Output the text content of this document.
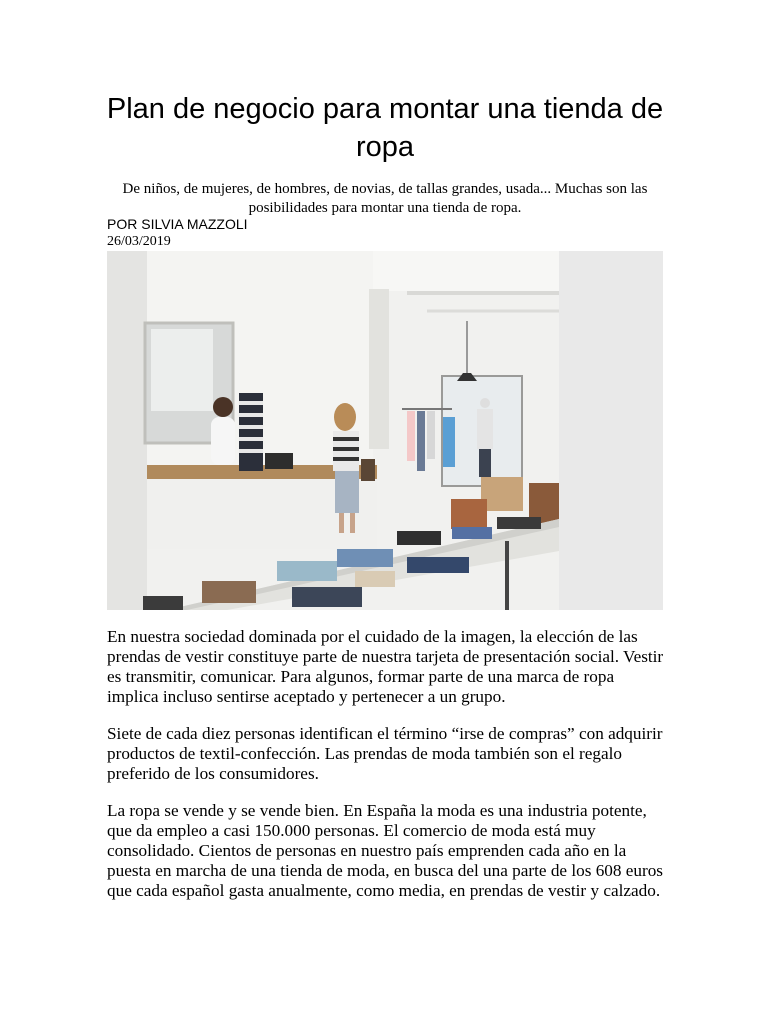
Plan de negocio para montar una tienda de ropa

De niños, de mujeres, de hombres, de novias, de tallas grandes, usada... Muchas son las posibilidades para montar una tienda de ropa.

POR SILVIA MAZZOLI
26/03/2019

En nuestra sociedad dominada por el cuidado de la imagen, la elección de las prendas de vestir constituye parte de nuestra tarjeta de presentación social. Vestir es transmitir, comunicar. Para algunos, formar parte de una marca de ropa implica incluso sentirse aceptado y pertenecer a un grupo.

Siete de cada diez personas identifican el término “irse de compras” con adquirir productos de textil-confección. Las prendas de moda también son el regalo preferido de los consumidores.

La ropa se vende y se vende bien. En España la moda es una industria potente, que da empleo a casi 150.000 personas. El comercio de moda está muy consolidado. Cientos de personas en nuestro país emprenden cada año en la puesta en marcha de una tienda de moda, en busca del una parte de los 608 euros que cada español gasta anualmente, como media, en prendas de vestir y calzado.
